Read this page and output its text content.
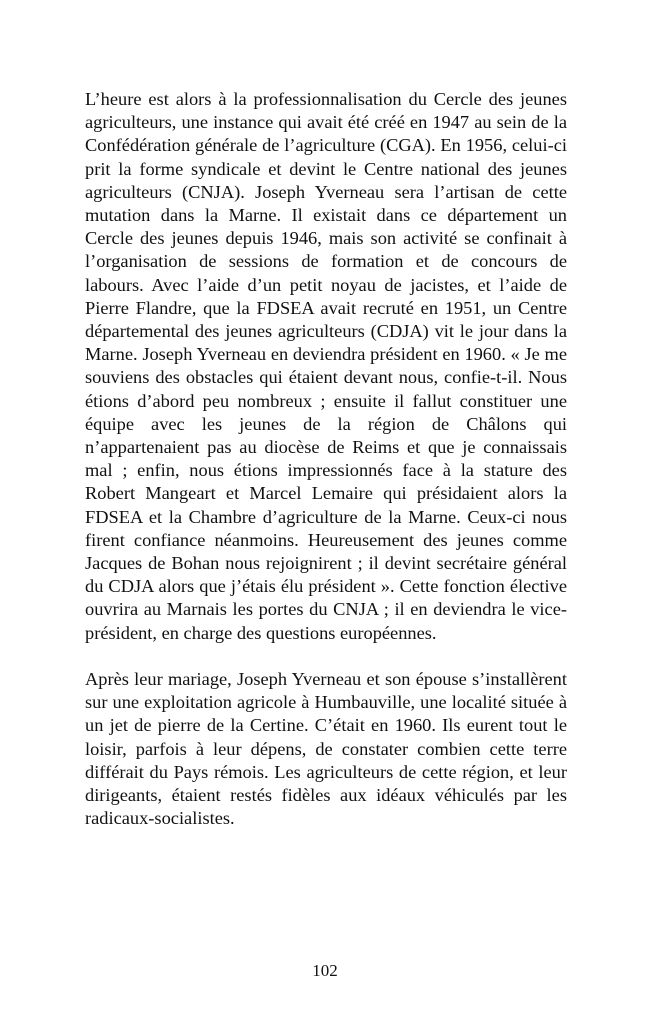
L’heure est alors à la professionnalisation du Cercle des jeunes agriculteurs, une instance qui avait été créé en 1947 au sein de la Confédération générale de l’agriculture (CGA). En 1956, celui-ci prit la forme syndicale et devint le Centre national des jeunes agriculteurs (CNJA). Joseph Yverneau sera l’artisan de cette mutation dans la Marne. Il existait dans ce département un Cercle des jeunes depuis 1946, mais son activité se confinait à l’organisation de sessions de formation et de concours de labours. Avec l’aide d’un petit noyau de jacistes, et l’aide de Pierre Flandre, que la FDSEA avait recruté en 1951, un Centre départemental des jeunes agriculteurs (CDJA) vit le jour dans la Marne. Joseph Yverneau en deviendra président en 1960. « Je me souviens des obstacles qui étaient devant nous, confie-t-il. Nous étions d’abord peu nombreux ; ensuite il fallut constituer une équipe avec les jeunes de la région de Châlons qui n’appartenaient pas au diocèse de Reims et que je connaissais mal ; enfin, nous étions impressionnés face à la stature des Robert Mangeart et Marcel Lemaire qui présidaient alors la FDSEA et la Chambre d’agriculture de la Marne. Ceux-ci nous firent confiance néanmoins. Heureusement des jeunes comme Jacques de Bohan nous rejoignirent ; il devint secrétaire général du CDJA alors que j’étais élu président ». Cette fonction élective ouvrira au Marnais les portes du CNJA ; il en deviendra le vice-président, en charge des questions européennes.

Après leur mariage, Joseph Yverneau et son épouse s’installèrent sur une exploitation agricole à Humbauville, une localité située à un jet de pierre de la Certine. C’était en 1960. Ils eurent tout le loisir, parfois à leur dépens, de constater combien cette terre différait du Pays rémois. Les agriculteurs de cette région, et leur dirigeants, étaient restés fidèles aux idéaux véhiculés par les radicaux-socialistes.

102
